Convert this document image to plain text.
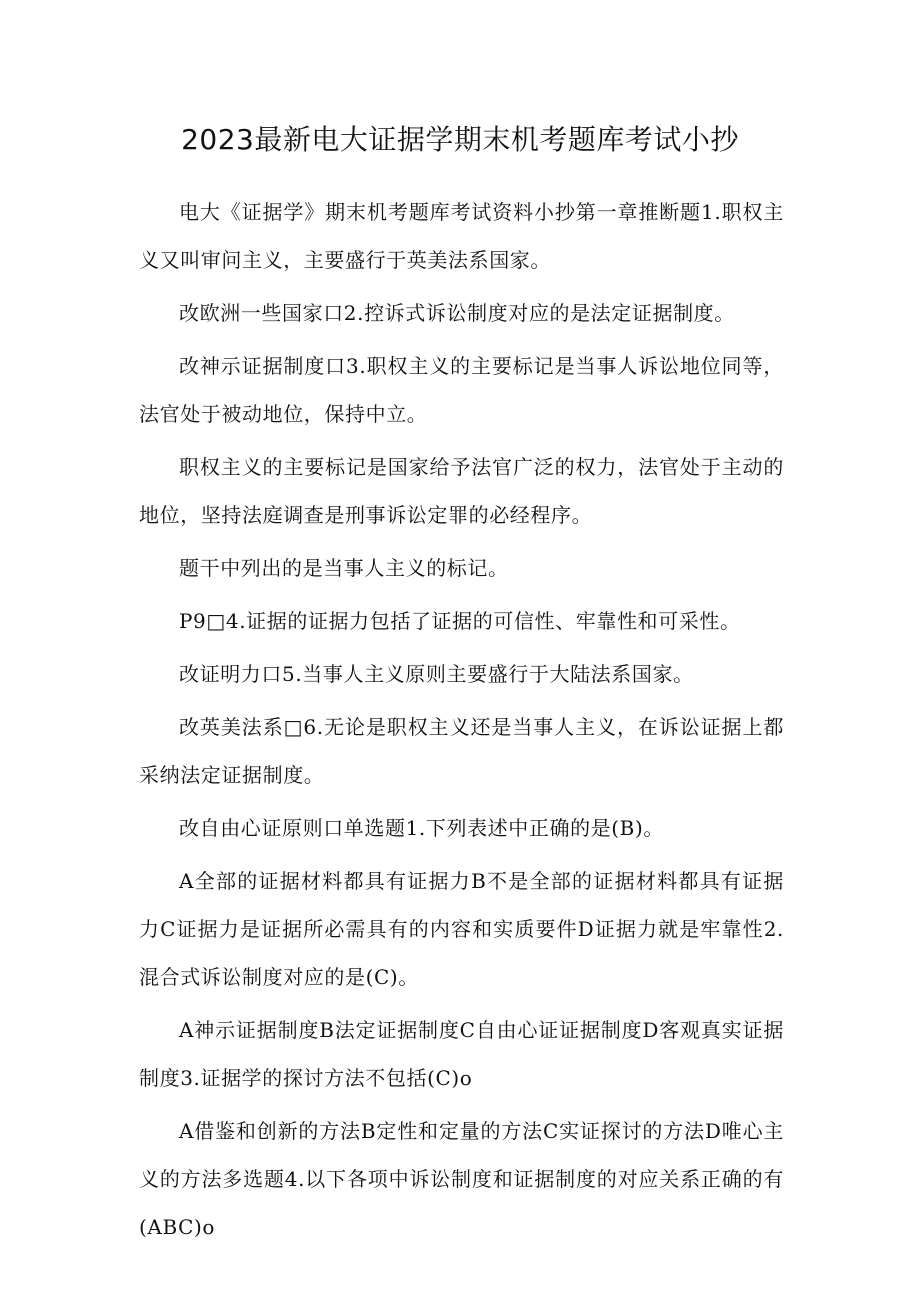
2023最新电大证据学期末机考题库考试小抄

电大《证据学》期末机考题库考试资料小抄第一章推断题1.职权主义又叫审问主义，主要盛行于英美法系国家。

改欧洲一些国家口2.控诉式诉讼制度对应的是法定证据制度。

改神示证据制度口3.职权主义的主要标记是当事人诉讼地位同等，法官处于被动地位，保持中立。

职权主义的主要标记是国家给予法官广泛的权力，法官处于主动的地位，坚持法庭调查是刑事诉讼定罪的必经程序。

题干中列出的是当事人主义的标记。

P9□4.证据的证据力包括了证据的可信性、牢靠性和可采性。

改证明力口5.当事人主义原则主要盛行于大陆法系国家。

改英美法系□6.无论是职权主义还是当事人主义，在诉讼证据上都采纳法定证据制度。

改自由心证原则口单选题1.下列表述中正确的是(B)。

A全部的证据材料都具有证据力B不是全部的证据材料都具有证据力C证据力是证据所必需具有的内容和实质要件D证据力就是牢靠性2.混合式诉讼制度对应的是(C)。

A神示证据制度B法定证据制度C自由心证证据制度D客观真实证据制度3.证据学的探讨方法不包括(C)o

A借鉴和创新的方法B定性和定量的方法C实证探讨的方法D唯心主义的方法多选题4.以下各项中诉讼制度和证据制度的对应关系正确的有(ABC)o
